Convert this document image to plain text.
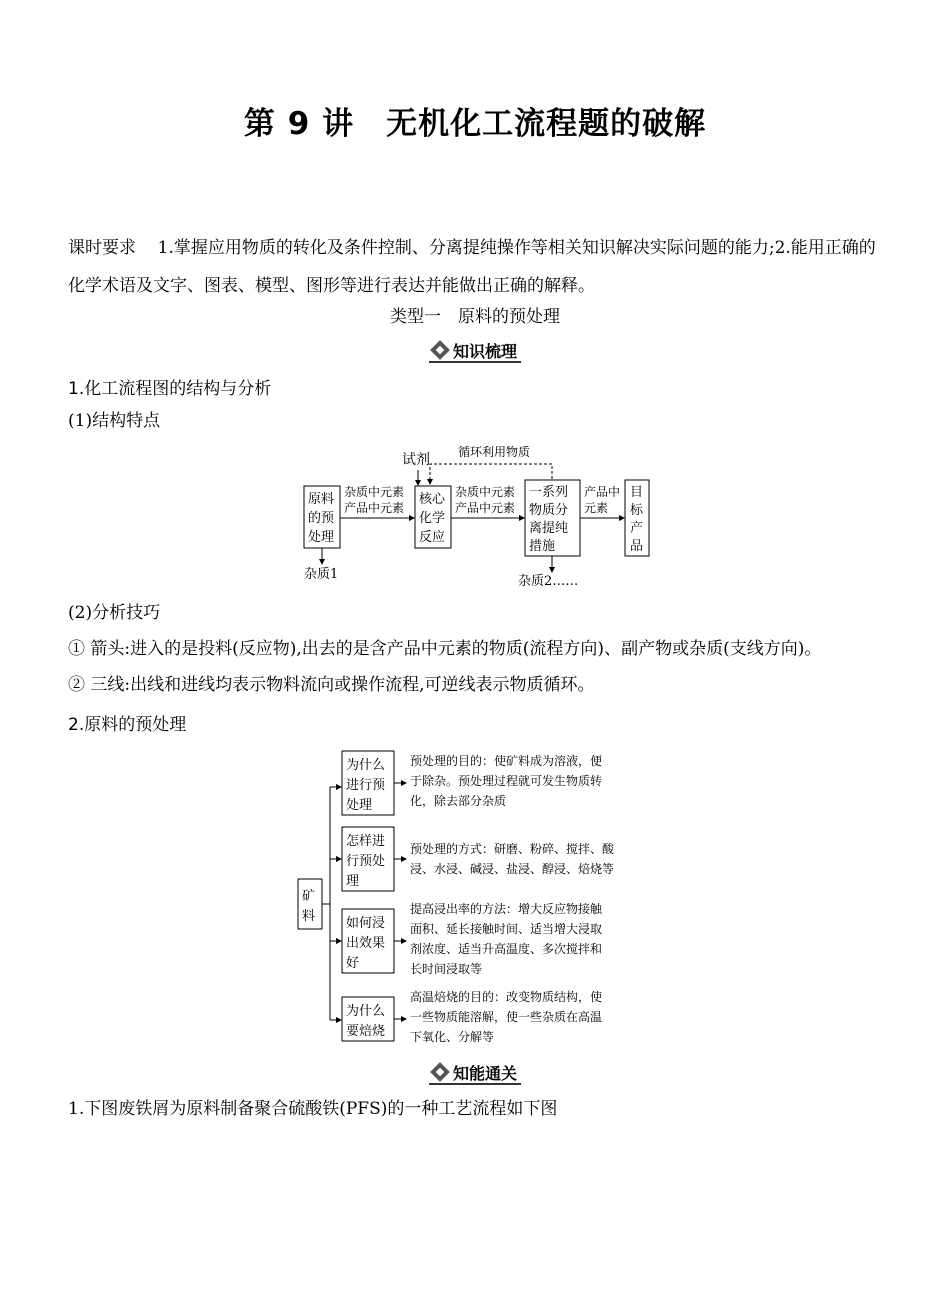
第 9 讲　无机化工流程题的破解
课时要求 1.掌握应用物质的转化及条件控制、分离提纯操作等相关知识解决实际问题的能力;2.能用正确的化学术语及文字、图表、模型、图形等进行表达并能做出正确的解释。
类型一　原料的预处理
知识梳理
1.化工流程图的结构与分析
(1)结构特点
试剂 循环利用物质
原料
的预
处理
杂质中元素
产品中元素
核心
化学
反应
杂质中元素
产品中元素
一系列
物质分
离提纯
措施
产品中
元素
目
标
产
品
杂质1	杂质2……
(2)分析技巧
① 箭头:进入的是投料(反应物),出去的是含产品中元素的物质(流程方向)、副产物或杂质(支线方向)。
② 三线:出线和进线均表示物料流向或操作流程,可逆线表示物质循环。
2.原料的预处理
矿
料
为什么
进行预
处理
预处理的目的：使矿料成为溶液，便
于除杂。预处理过程就可发生物质转
化，除去部分杂质
怎样进
行预处
理
预处理的方式：研磨、粉碎、搅拌、酸
浸、水浸、碱浸、盐浸、醇浸、焙烧等
如何浸
出效果
好
提高浸出率的方法：增大反应物接触
面积、延长接触时间、适当增大浸取
剂浓度、适当升高温度、多次搅拌和
长时间浸取等
为什么
要焙烧
高温焙烧的目的：改变物质结构，使
一些物质能溶解，使一些杂质在高温
下氧化、分解等
知能通关
1.下图废铁屑为原料制备聚合硫酸铁(PFS)的一种工艺流程如下图
